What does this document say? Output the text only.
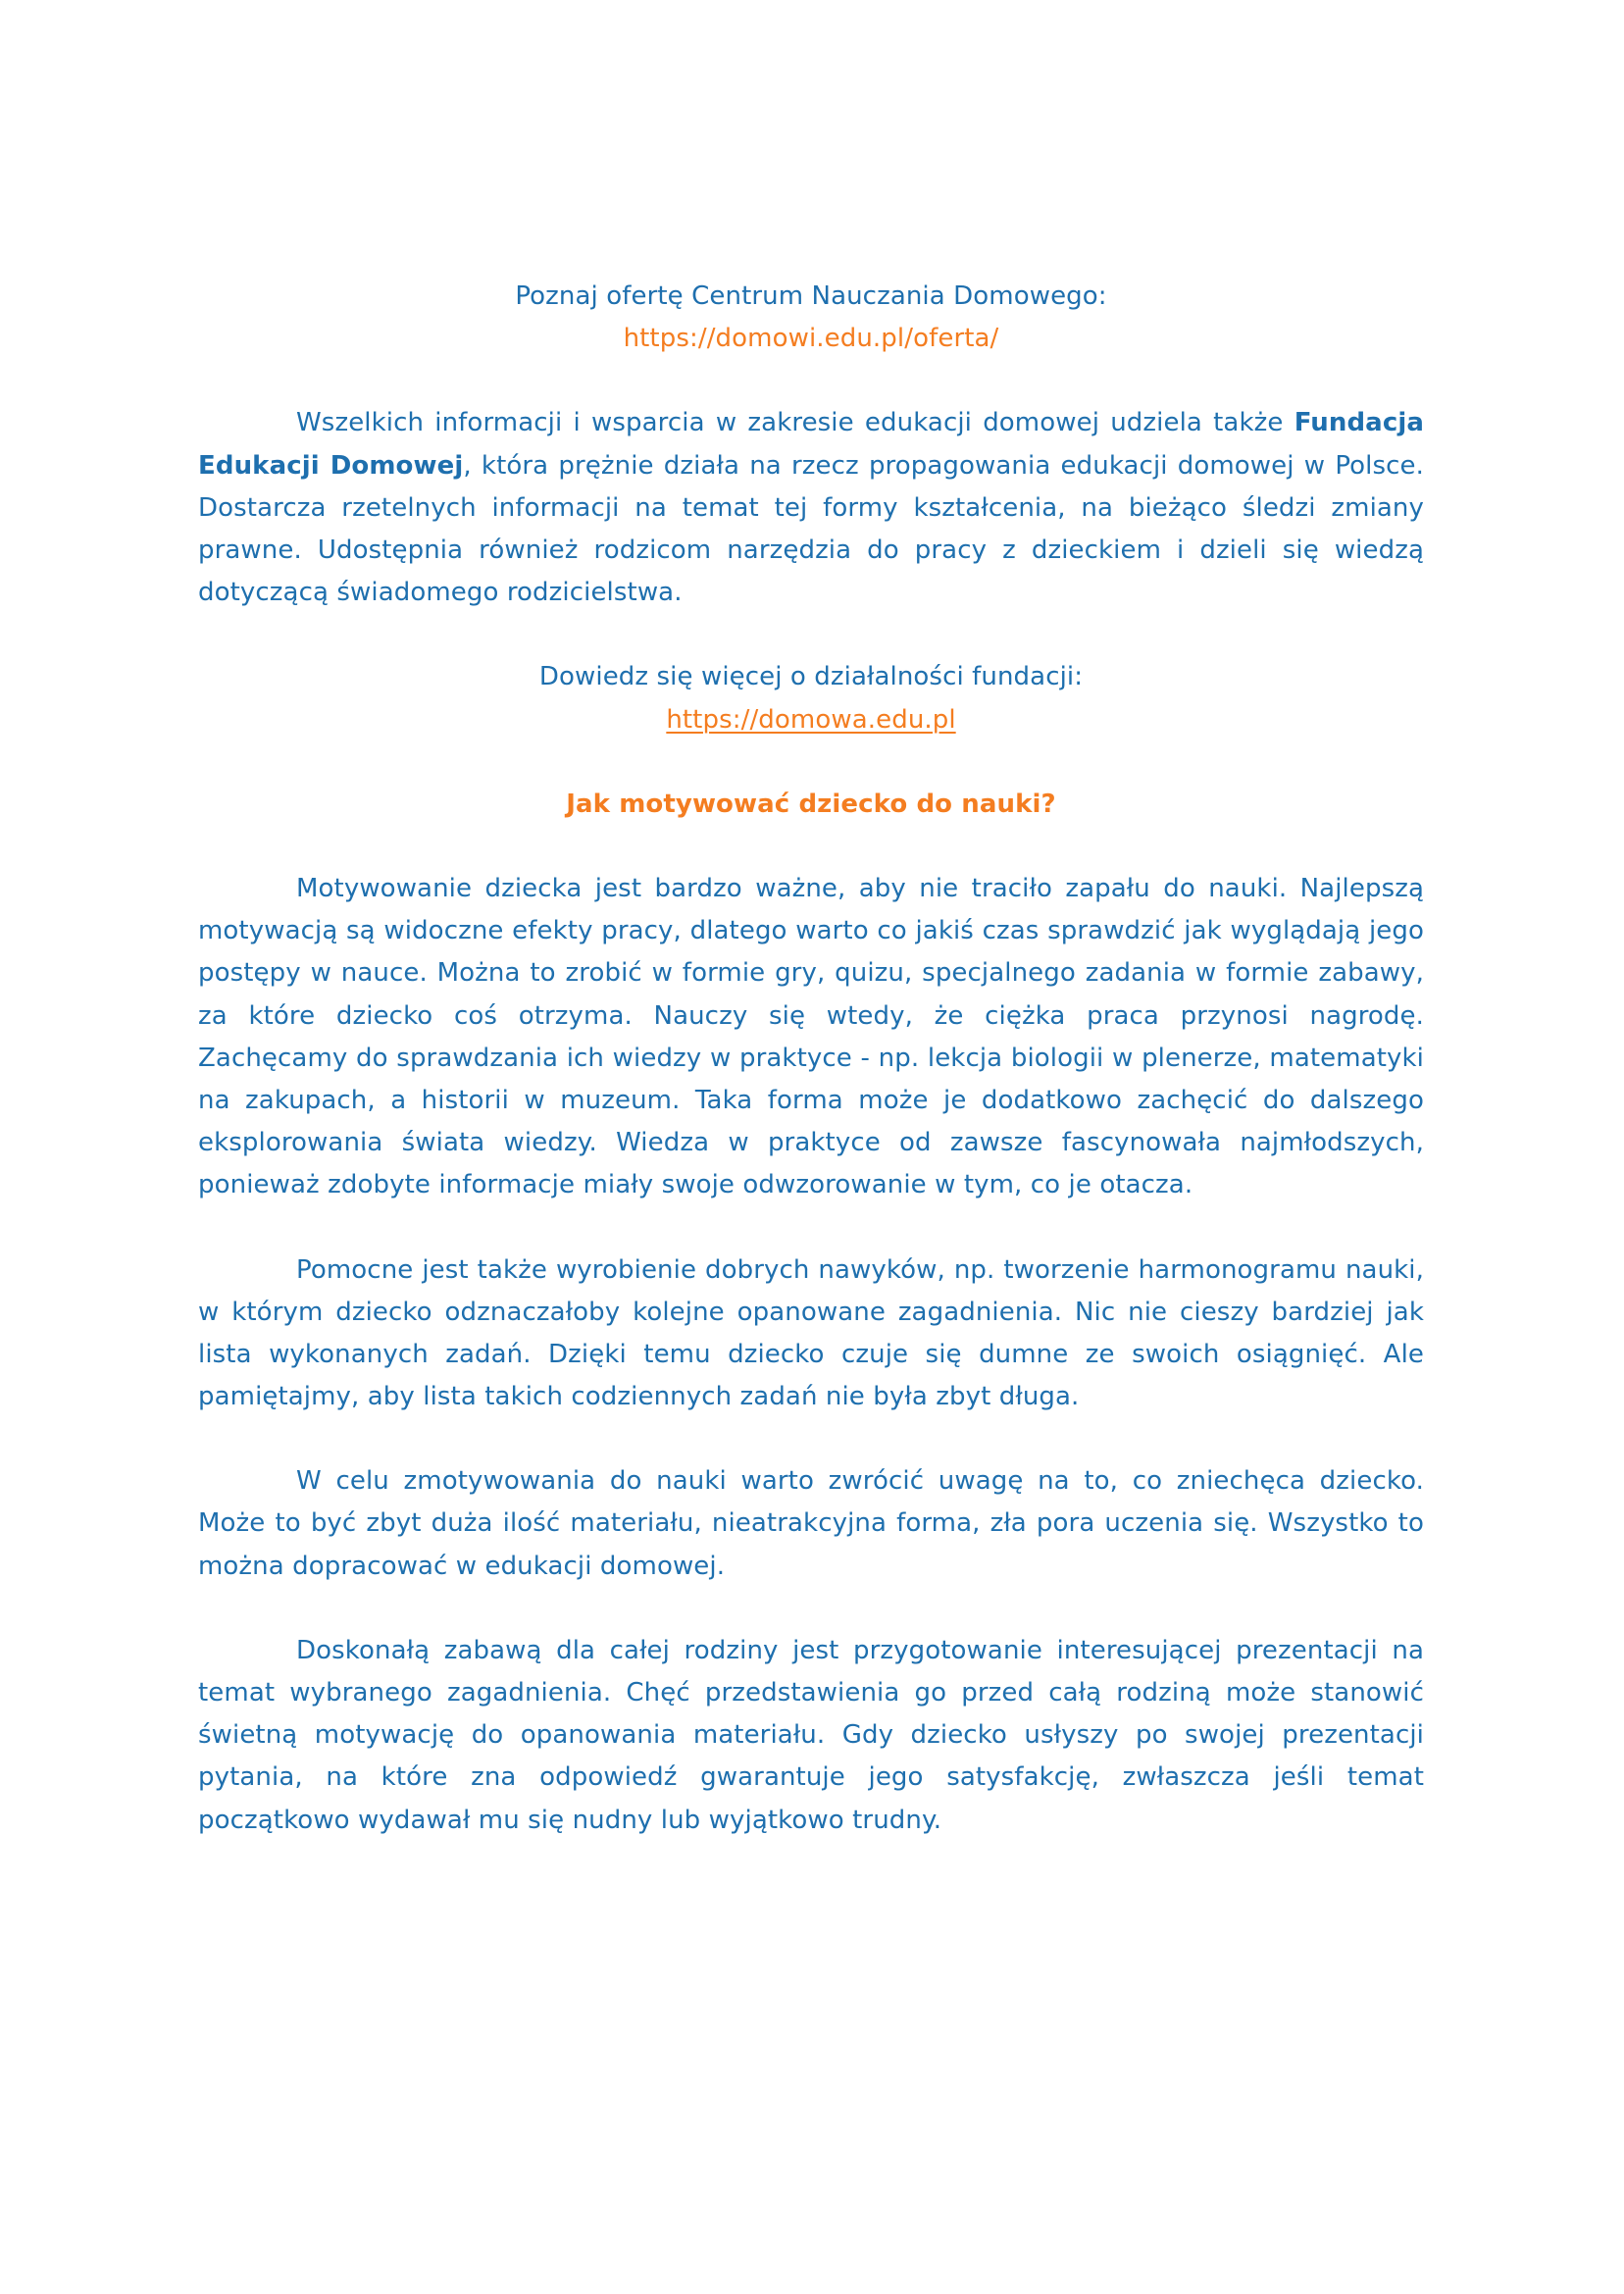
Poznaj ofertę Centrum Nauczania Domowego:

https://domowi.edu.pl/oferta/

Wszelkich informacji i wsparcia w zakresie edukacji domowej udziela także Fundacja Edukacji Domowej, która prężnie działa na rzecz propagowania edukacji domowej w Polsce. Dostarcza rzetelnych informacji na temat tej formy kształcenia, na bieżąco śledzi zmiany prawne. Udostępnia również rodzicom narzędzia do pracy z dzieckiem i dzieli się wiedzą dotyczącą świadomego rodzicielstwa.

Dowiedz się więcej o działalności fundacji:

https://domowa.edu.pl

Jak motywować dziecko do nauki?

Motywowanie dziecka jest bardzo ważne, aby nie traciło zapału do nauki. Najlepszą motywacją są widoczne efekty pracy, dlatego warto co jakiś czas sprawdzić jak wyglądają jego postępy w nauce. Można to zrobić w formie gry, quizu, specjalnego zadania w formie zabawy, za które dziecko coś otrzyma. Nauczy się wtedy, że ciężka praca przynosi nagrodę. Zachęcamy do sprawdzania ich wiedzy w praktyce - np. lekcja biologii w plenerze, matematyki na zakupach, a historii w muzeum. Taka forma może je dodatkowo zachęcić do dalszego eksplorowania świata wiedzy. Wiedza w praktyce od zawsze fascynowała najmłodszych, ponieważ zdobyte informacje miały swoje odwzorowanie w tym, co je otacza.

Pomocne jest także wyrobienie dobrych nawyków, np. tworzenie harmonogramu nauki, w którym dziecko odznaczałoby kolejne opanowane zagadnienia. Nic nie cieszy bardziej jak lista wykonanych zadań. Dzięki temu dziecko czuje się dumne ze swoich osiągnięć. Ale pamiętajmy, aby lista takich codziennych zadań nie była zbyt długa.

W celu zmotywowania do nauki warto zwrócić uwagę na to, co zniechęca dziecko. Może to być zbyt duża ilość materiału, nieatrakcyjna forma, zła pora uczenia się. Wszystko to można dopracować w edukacji domowej.

Doskonałą zabawą dla całej rodziny jest przygotowanie interesującej prezentacji na temat wybranego zagadnienia. Chęć przedstawienia go przed całą rodziną może stanowić świetną motywację do opanowania materiału. Gdy dziecko usłyszy po swojej prezentacji pytania, na które zna odpowiedź gwarantuje jego satysfakcję, zwłaszcza jeśli temat początkowo wydawał mu się nudny lub wyjątkowo trudny.
